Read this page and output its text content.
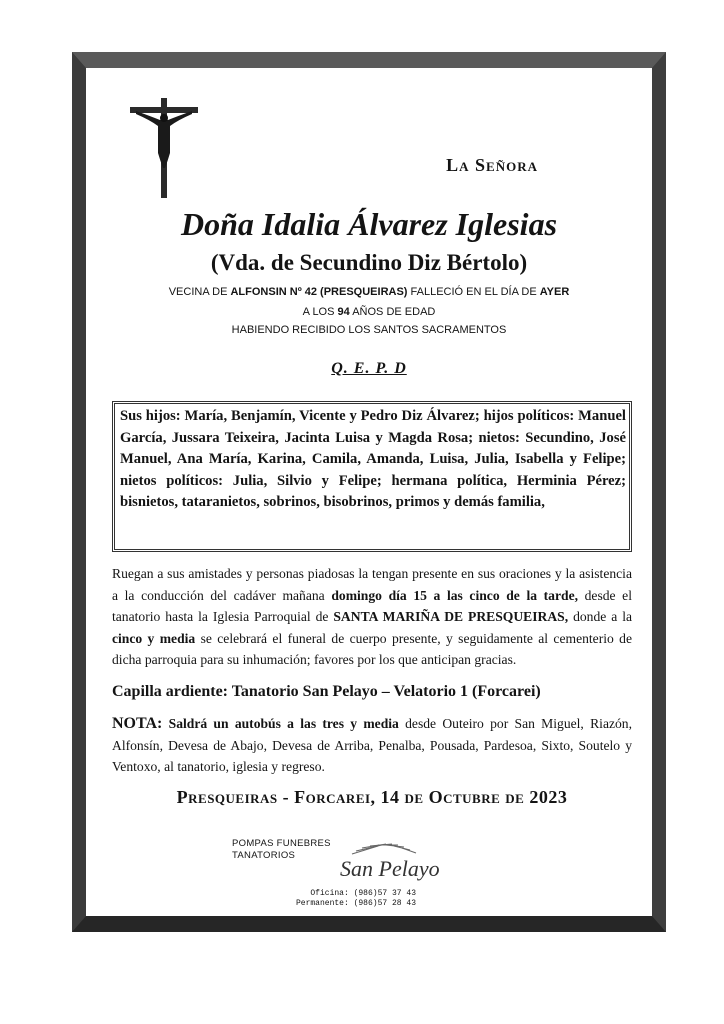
La Señora
Doña Idalia Álvarez Iglesias
(Vda. de Secundino Diz Bértolo)
VECINA DE ALFONSIN Nº 42 (PRESQUEIRAS) FALLECIÓ EN EL DÍA DE AYER
A LOS 94 AÑOS DE EDAD
HABIENDO RECIBIDO LOS SANTOS SACRAMENTOS
Q. E. P. D

Sus hijos: María, Benjamín, Vicente y Pedro Diz Álvarez; hijos políticos: Manuel García, Jussara Teixeira, Jacinta Luisa y Magda Rosa; nietos: Secundino, José Manuel, Ana María, Karina, Camila, Amanda, Luisa, Julia, Isabella y Felipe; nietos políticos: Julia, Silvio y Felipe; hermana política, Herminia Pérez; bisnietos, tataranietos, sobrinos, bisobrinos, primos y demás familia,

Ruegan a sus amistades y personas piadosas la tengan presente en sus oraciones y la asistencia a la conducción del cadáver mañana domingo día 15 a las cinco de la tarde, desde el tanatorio hasta la Iglesia Parroquial de SANTA MARIÑA DE PRESQUEIRAS, donde a la cinco y media se celebrará el funeral de cuerpo presente, y seguidamente al cementerio de dicha parroquia para su inhumación; favores por los que anticipan gracias.

Capilla ardiente: Tanatorio San Pelayo – Velatorio 1 (Forcarei)

NOTA: Saldrá un autobús a las tres y media desde Outeiro por San Miguel, Riazón, Alfonsín, Devesa de Abajo, Devesa de Arriba, Penalba, Pousada, Pardesoa, Sixto, Soutelo y Ventoxo, al tanatorio, iglesia y regreso.

Presqueiras - Forcarei, 14 de Octubre de 2023
POMPAS FUNEBRES
TANATORIOS
San Pelayo
Oficina: (986)57 37 43
Permanente: (986)57 28 43
